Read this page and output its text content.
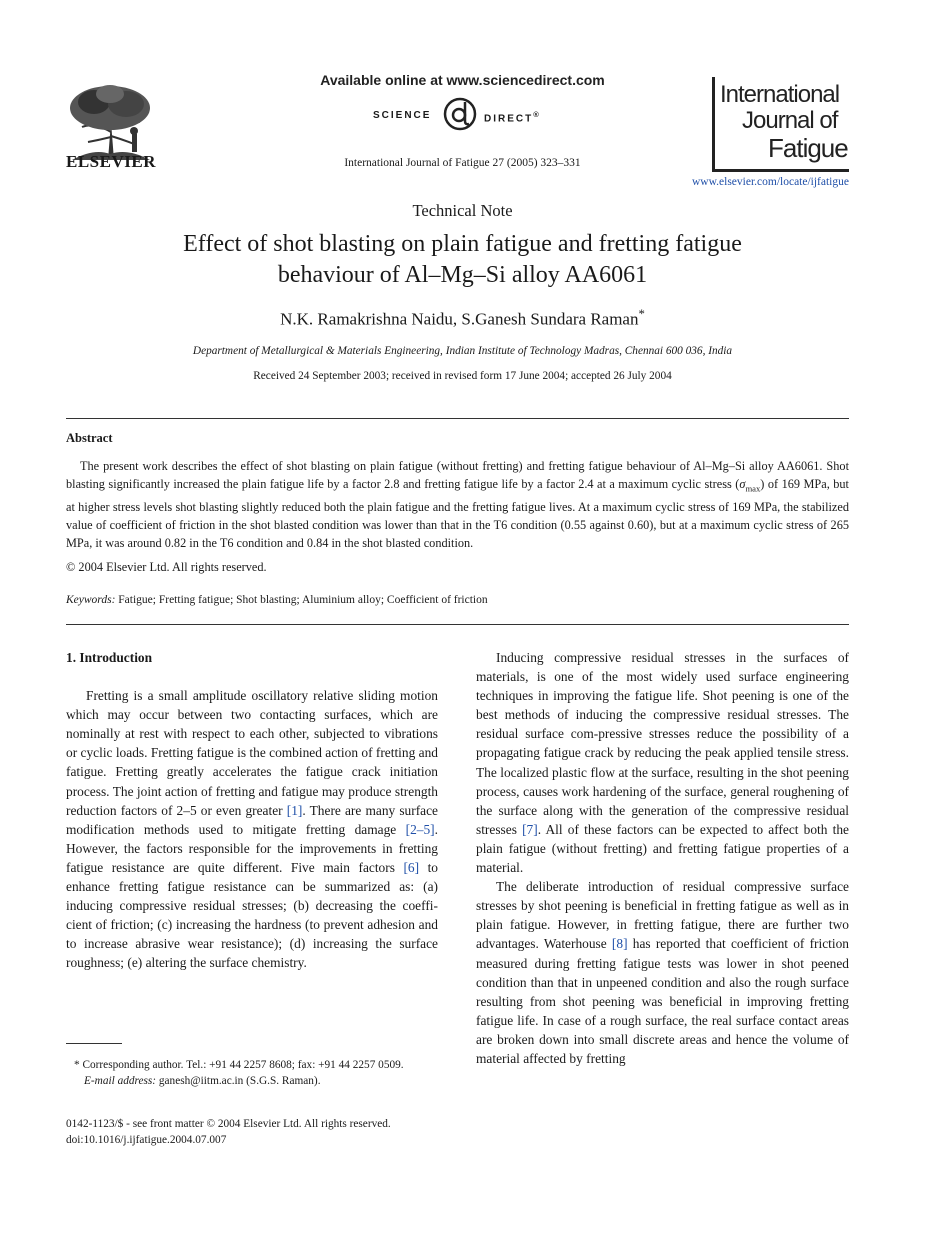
ELSEVIER
Available online at www.sciencedirect.com
SCIENCE	DIRECT®
International Journal of Fatigue 27 (2005) 323–331
International
Journal of
Fatigue
www.elsevier.com/locate/ijfatigue
Technical Note
Effect of shot blasting on plain fatigue and fretting fatigue
behaviour of Al–Mg–Si alloy AA6061
N.K. Ramakrishna Naidu, S.Ganesh Sundara Raman*
Department of Metallurgical & Materials Engineering, Indian Institute of Technology Madras, Chennai 600 036, India
Received 24 September 2003; received in revised form 17 June 2004; accepted 26 July 2004
Abstract

The present work describes the effect of shot blasting on plain fatigue (without fretting) and fretting fatigue behaviour of Al–Mg–Si alloy AA6061. Shot blasting significantly increased the plain fatigue life by a factor 2.8 and fretting fatigue life by a factor 2.4 at a maximum cyclic stress $(\sigma_{max})$ of 169 MPa, but at higher stress levels shot blasting slightly reduced both the plain fatigue and the fretting fatigue lives. At a maximum cyclic stress of 169 MPa, the stabilized value of coefficient of friction in the shot blasted condition was lower than that in the T6 condition (0.55 against 0.60), but at a maximum cyclic stress of 265 MPa, it was around 0.82 in the T6 condition and 0.84 in the shot blasted condition.

© 2004 Elsevier Ltd. All rights reserved.
Keywords: Fatigue; Fretting fatigue; Shot blasting; Aluminium alloy; Coefficient of friction
1. Introduction

Fretting is a small amplitude oscillatory relative sliding motion which may occur between two contacting surfaces, which are nominally at rest with respect to each other, subjected to vibrations or cyclic loads. Fretting fatigue is the combined action of fretting and fatigue. Fretting greatly accelerates the fatigue crack initiation process. The joint action of fretting and fatigue may produce strength reduction factors of 2–5 or even greater [1]. There are many surface modification methods used to mitigate fretting damage [2–5]. However, the factors responsible for the improvements in fretting fatigue resistance are quite different. Five main factors [6] to enhance fretting fatigue resistance can be summarized as: (a) inducing compressive residual stresses; (b) decreasing the coeffi-cient of friction; (c) increasing the hardness (to prevent adhesion and to increase abrasive wear resistance); (d) increasing the surface roughness; (e) altering the surface chemistry.

Inducing compressive residual stresses in the surfaces of materials, is one of the most widely used surface engineering techniques in improving the fatigue life. Shot peening is one of the best methods of inducing the compressive residual stresses. The residual surface com-pressive stresses reduce the possibility of a propagating fatigue crack by reducing the peak applied tensile stress. The localized plastic flow at the surface, resulting in the shot peening process, causes work hardening of the surface, general roughening of the surface along with the generation of the compressive residual stresses [7]. All of these factors can be expected to affect both the plain fatigue (without fretting) and fretting fatigue properties of a material.

The deliberate introduction of residual compressive surface stresses by shot peening is beneficial in fretting fatigue as well as in plain fatigue. However, in fretting fatigue, there are further two advantages. Waterhouse [8] has reported that coefficient of friction measured during fretting fatigue tests was lower in shot peened condition than that in unpeened condition and also the rough surface resulting from shot peening was beneficial in improving fretting fatigue life. In case of a rough surface, the real surface contact areas are broken down into small discrete areas and hence the volume of material affected by fretting

* Corresponding author. Tel.: +91 44 2257 8608; fax: +91 44 2257 0509.
E-mail address: ganesh@iitm.ac.in (S.G.S. Raman).
0142-1123/$ - see front matter © 2004 Elsevier Ltd. All rights reserved.
doi:10.1016/j.ijfatigue.2004.07.007
